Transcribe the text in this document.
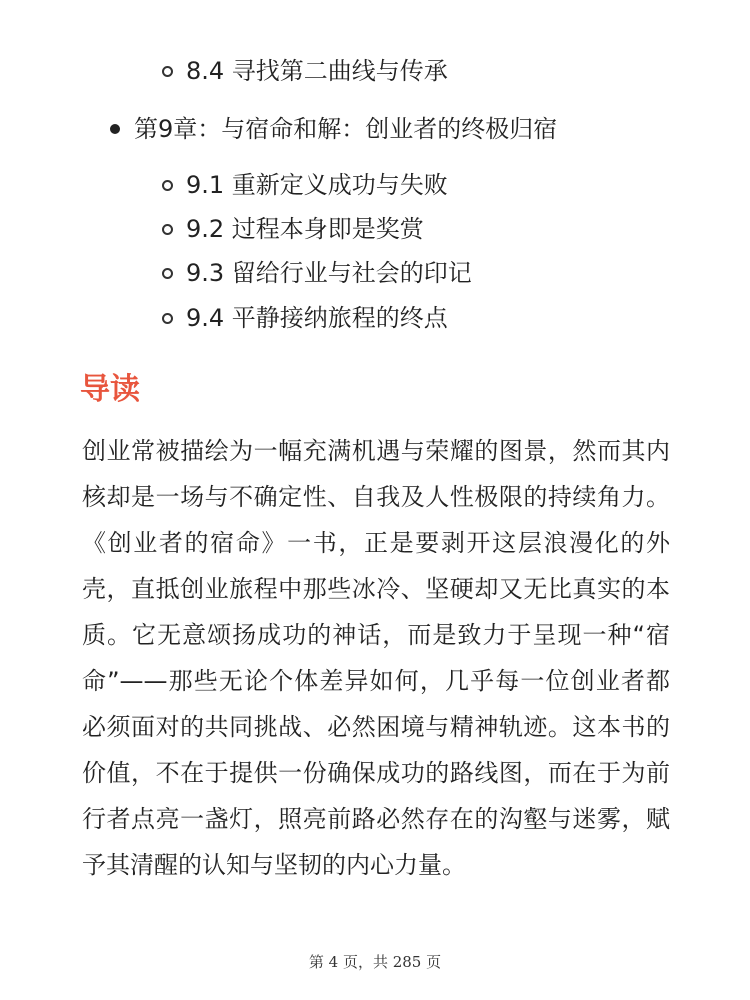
8.4 寻找第二曲线与传承
第9章：与宿命和解：创业者的终极归宿
9.1 重新定义成功与失败
9.2 过程本身即是奖赏
9.3 留给行业与社会的印记
9.4 平静接纳旅程的终点
导读

创业常被描绘为一幅充满机遇与荣耀的图景，然而其内核却是一场与不确定性、自我及人性极限的持续角力。《创业者的宿命》一书，正是要剥开这层浪漫化的外壳，直抵创业旅程中那些冰冷、坚硬却又无比真实的本质。它无意颂扬成功的神话，而是致力于呈现一种“宿命”——那些无论个体差异如何，几乎每一位创业者都必须面对的共同挑战、必然困境与精神轨迹。这本书的价值，不在于提供一份确保成功的路线图，而在于为前行者点亮一盏灯，照亮前路必然存在的沟壑与迷雾，赋予其清醒的认知与坚韧的内心力量。

第 4 页，共 285 页
